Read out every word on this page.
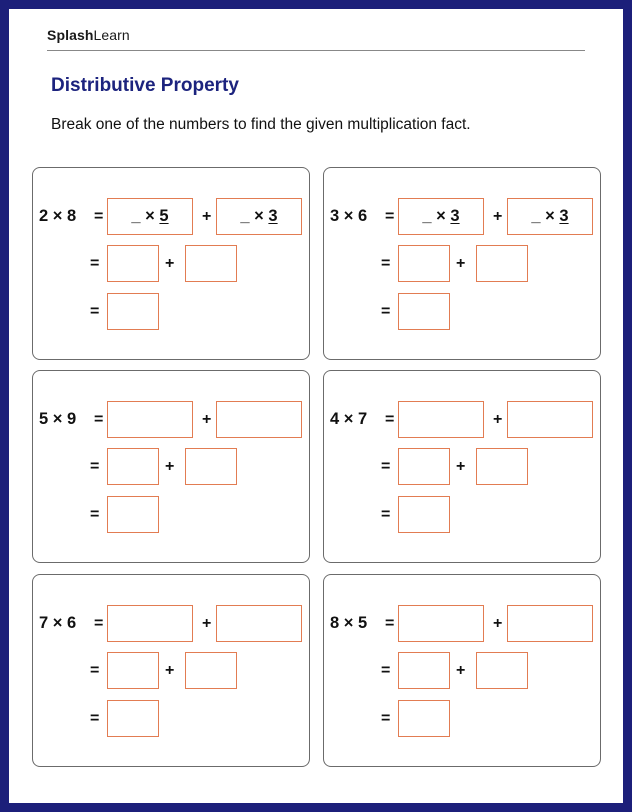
SplashLearn
Distributive Property
Break one of the numbers to find the given multiplication fact.
2 × 8 =	_ × 5	+	_ × 3
=	+
=
3 × 6 =	_ × 3	+	_ × 3
=	+
=
5 × 9 =	+
=	+
=
4 × 7 =	+
=	+
=
7 × 6 =	+
=	+
=
8 × 5 =	+
=	+
=
